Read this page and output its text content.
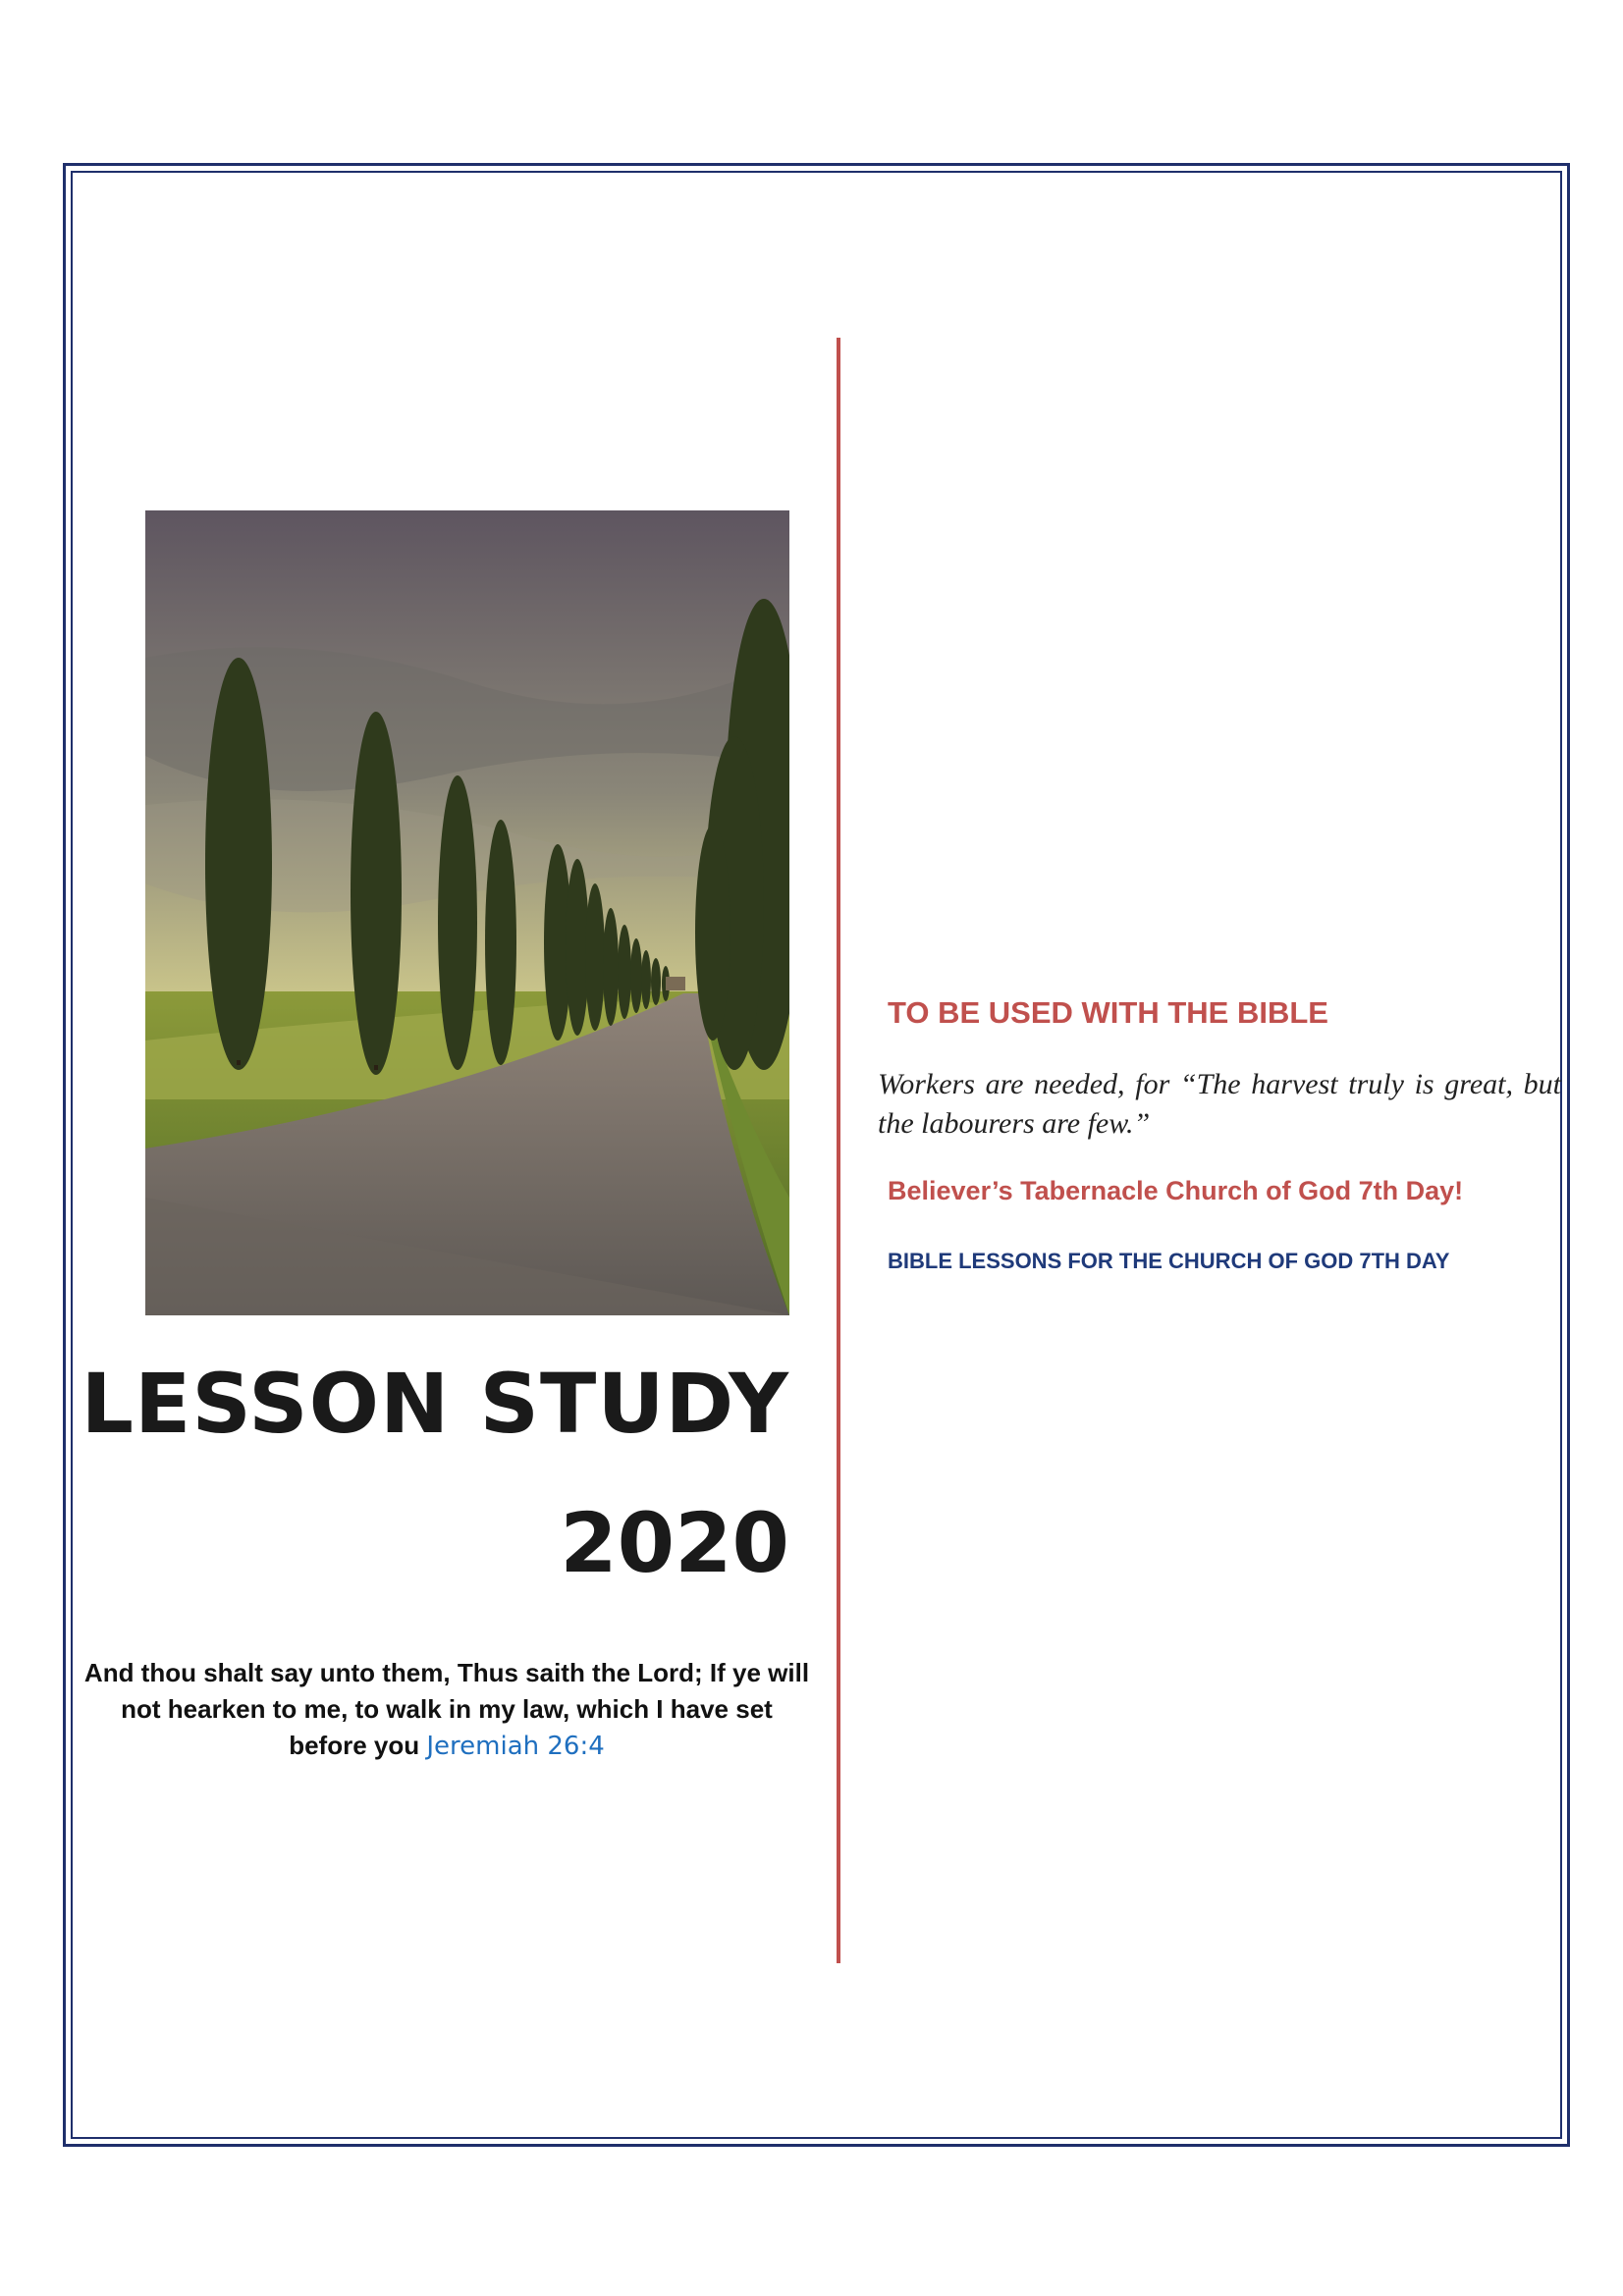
LESSON STUDY
2020
And thou shalt say unto them, Thus saith the Lord; If ye will not hearken to me, to walk in my law, which I have set before you Jeremiah 26:4
TO BE USED WITH THE BIBLE
Workers are needed, for “The harvest truly is great, but the labourers are few.”
Believer’s Tabernacle Church of God 7th Day!
BIBLE LESSONS FOR THE CHURCH OF GOD 7TH DAY
